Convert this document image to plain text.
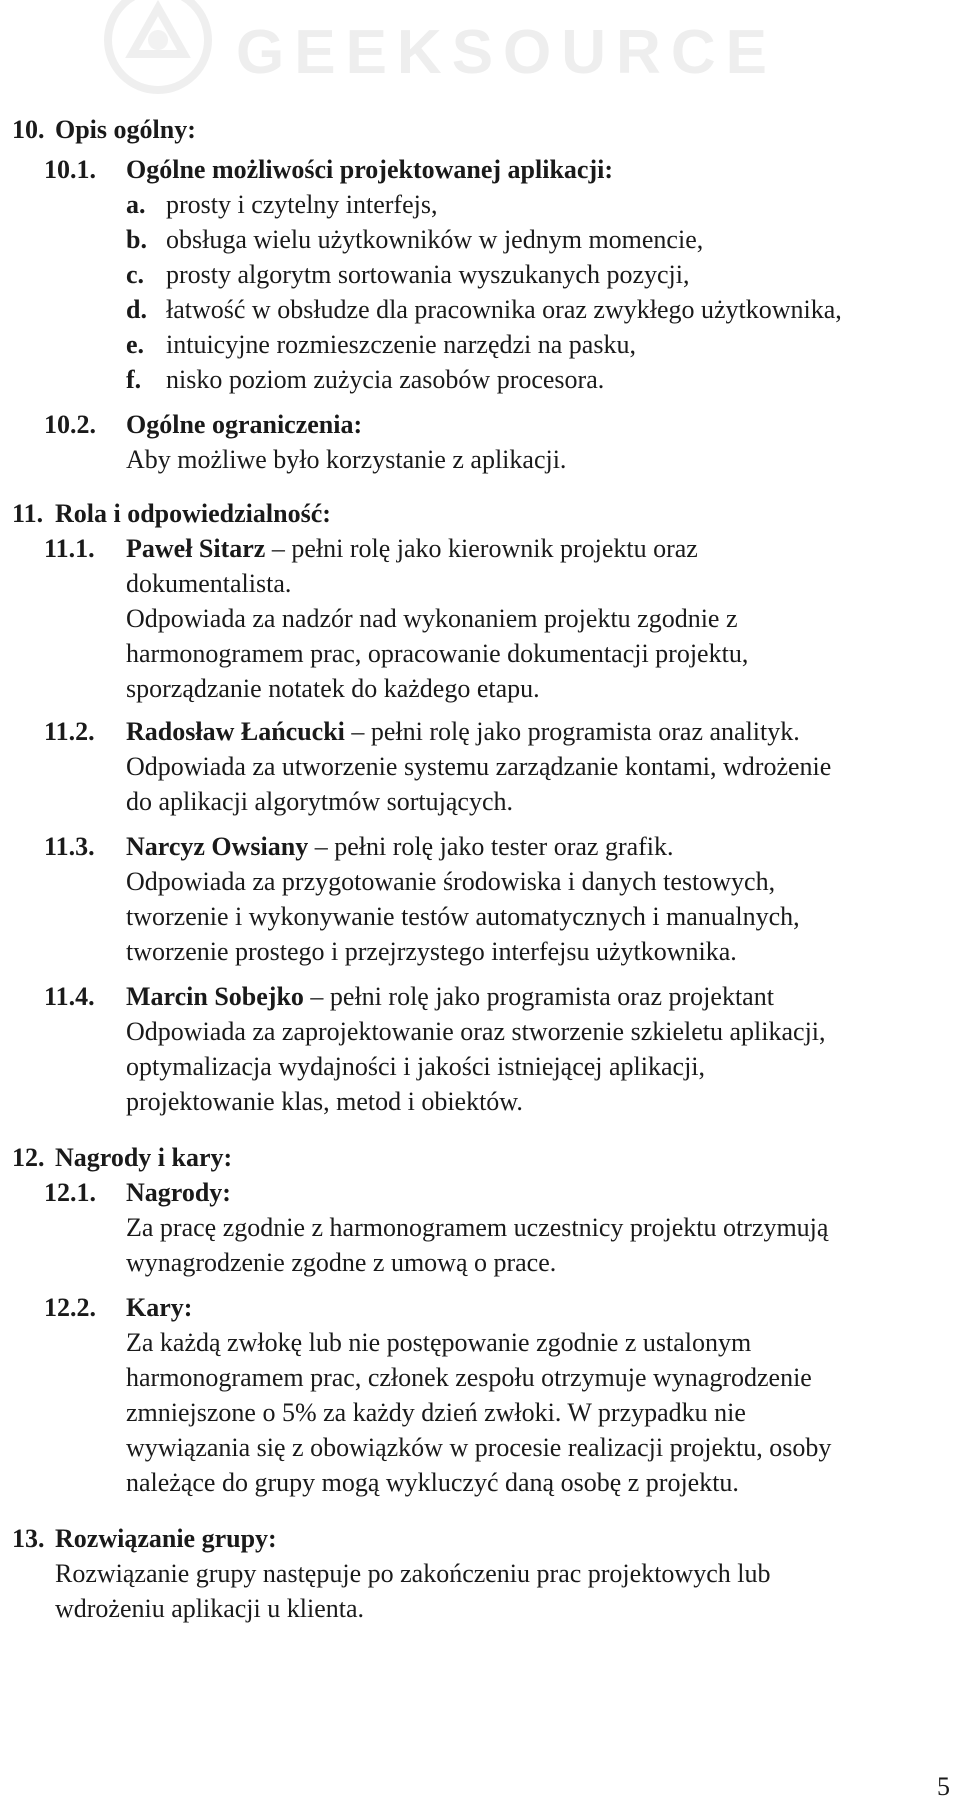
GEEKSOURCE
10. Opis ogólny:
10.1. Ogólne możliwości projektowanej aplikacji:
a. prosty i czytelny interfejs,
b. obsługa wielu użytkowników w jednym momencie,
c. prosty algorytm sortowania wyszukanych pozycji,
d. łatwość w obsłudze dla pracownika oraz zwykłego użytkownika,
e. intuicyjne rozmieszczenie narzędzi na pasku,
f. nisko poziom zużycia zasobów procesora.
10.2. Ogólne ograniczenia:
Aby możliwe było korzystanie z aplikacji.
11. Rola i odpowiedzialność:
11.1. Paweł Sitarz – pełni rolę jako kierownik projektu oraz
dokumentalista.
Odpowiada za nadzór nad wykonaniem projektu zgodnie z
harmonogramem prac, opracowanie dokumentacji projektu,
sporządzanie notatek do każdego etapu.
11.2. Radosław Łańcucki – pełni rolę jako programista oraz analityk.
Odpowiada za utworzenie systemu zarządzanie kontami, wdrożenie
do aplikacji algorytmów sortujących.
11.3. Narcyz Owsiany – pełni rolę jako tester oraz grafik.
Odpowiada za przygotowanie środowiska i danych testowych,
tworzenie i wykonywanie testów automatycznych i manualnych,
tworzenie prostego i przejrzystego interfejsu użytkownika.
11.4. Marcin Sobejko – pełni rolę jako programista oraz projektant
Odpowiada za zaprojektowanie oraz stworzenie szkieletu aplikacji,
optymalizacja wydajności i jakości istniejącej aplikacji,
projektowanie klas, metod i obiektów.
12. Nagrody i kary:
12.1. Nagrody:
Za pracę zgodnie z harmonogramem uczestnicy projektu otrzymują
wynagrodzenie zgodne z umową o prace.
12.2. Kary:
Za każdą zwłokę lub nie postępowanie zgodnie z ustalonym
harmonogramem prac, członek zespołu otrzymuje wynagrodzenie
zmniejszone o 5% za każdy dzień zwłoki. W przypadku nie
wywiązania się z obowiązków w procesie realizacji projektu, osoby
należące do grupy mogą wykluczyć daną osobę z projektu.
13. Rozwiązanie grupy:
Rozwiązanie grupy następuje po zakończeniu prac projektowych lub
wdrożeniu aplikacji u klienta.
5
